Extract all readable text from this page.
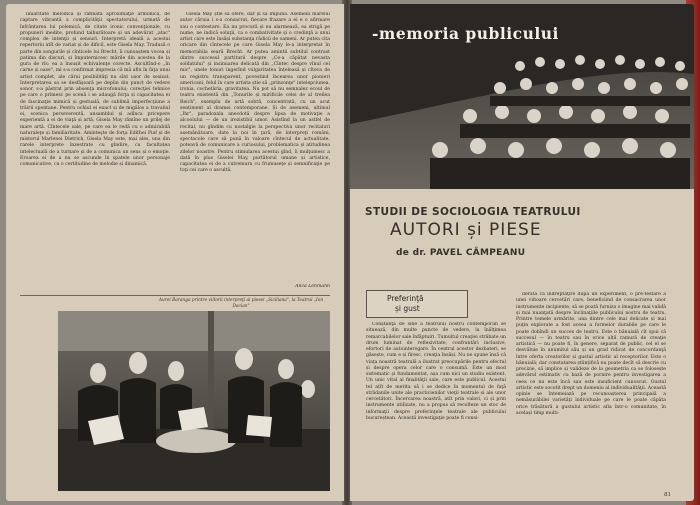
liniaritate melodică și rafinată aproximaţie armonică, de captare vibrantă a complicităţii spectatorului, urmată de înfrântarea lui polemică, de citate ironic convenţionale, cu propuneri inedite, profund taiburătoare și un adevărat „atac" complex de intenţii și sensuri. Interpretă ideală a acestui repertoriu atît de variat și de dificil, este Gisela May. Tradusă o parte din songurile și cînticele lui Brecht, îi cunoaștem vocea și patima din discuri, și împuternicesc mările din acestea de la gura de rîs: ea a însușit echivalenţe corecte. Ascultînd-o „în carne și oase", mi s-a confirmat impresia că mă aflu în faţa unui artist complet, ale cărui posibilităţi nu sînt ușor de sesizat. Interpretarea sa se desfăşoară pe deplin din punct de vedere sonor, s-a păstrat prin absenţa microfonului; corecţiei tehnice pe care o primesc pe scenă i se adaugă forţa și capacitatea ei de fascinaţie mimică și gestuală, de sublimă imperfecţiune a trăirii spontane. Pentru ochiul ei exact și de migălos a travaliul ei, scenica perseverentă, ansamblul și adînca pricepere experientă a ei de viaţă și artă, Gisela May rămîne un prilej de mare artă. Cîntecele sale, pe care ea le redă cu o admirabilă naturaleţe și familiaritate. Aminteşte de forţa Edithei Piaf și de misterul Marlenei Dietrich, Gisela May este, mai ales, una din rarele interprete înzestrate cu gîndire, cu facultatea intelectuală de a turnare și de a comunica un sens și o emoţie. Eroarea ei de a nu se ascunde în spatele unor personaje comunicative, cu o certitudine de melodie și dinamică.

Gisela May știe să ofere, dar și să impună. Asemeni marelui autor căruia i s-a consacrat, fiecare frazare a ei e o afirmare sau o contestare. Ea nu procură și nu alarmează, ea strigă pe nume, ne indică soluţii, ca o combativitate și o credinţă a unui artist care este însăși substanţa rădicii de oameni. Ar putea cita oricare din cîntecele pe care Gisela May le-a interpretat în memorabila seară Brecht. Ar putea amintii subtilul contrast dintre succesul partiturii despre „Ce-a căpătat nevasta soldatului" și insinuarea delicată din „Cîntec despre vînul cel mic", unele tonuri ingerînd vulgaritatea înțeleasă și cîteva de un registru transparent, povestind încearea unor pionieri americani, felul în care artista știe să „prinzonţe" intelepciunea, ironia, cochetăria, gravitatea. Nu pot să nu semnalez ecoul de teatru existentă din „Tonurile și mirificile celei de al treilea Reich", exemplu de artă sobră, concentrată, cu un acut sentiment al dramei contemporane. Și de asemeni, ultimul „Ihr", paradoxala anecdotă despre lipsa de motivaţie a alcoolului — de un irezistibil umor. Asistînd la un astfel de recital, nu gîndim cu nostalgie la perspectiva unor recitaluri asemănătoare, date la noi în ţară, de interpreţi români, spectacole care să pună în valoare cîntecul de actualitate, poteavă de comunicare a curiosului, problematica și atitudinea zilelor noastre. Pentru stimularea acestui gînd, îi mulţumesc a dată în plus Giselei May, purtătorul umane și artistice, capacitatea ei de a cutremura cu frumuseţe și semnificaţie pe toţi cei care o ascultă.

Anca Lehmann
Aurel Baranga printre viitorii interpreţi ai piesei „Siciliana", la Teatrul „Ion Dacian"
-memoria publicului
STUDII DE SOCIOLOGIA TEATRULUI
AUTORI și PIESE
de dr. PAVEL CÂMPEANU
Preferinţă
și gust

Conștiinţa de sine a teatrului nostru contemporan se situează, din multe puncte de vedere, la înălţimea remarcabilelor sale înfăptuiri. Tumultul creaţiei străbate un drum luminat de reflexivitate, confruntări inclusive, efortori de autointerogare. În centrul acestor dezbateri, se găsește, cum e și firesc, creaţia însăși. Nu ne spune însă că viaţa noastră teatrală a ilustrat preocupările pentru efectul și despre opera celor care o consumă. Este un mod sistematic și fundamentat, așa cum nici un studiu existent. Un unic vital al finalităţii sale, care este publicul. Acestui tel atît de merita să i se dedice în momentul de faţă strădanile unite ale practicienilor vieţii teatrale și ale unor cercetători. Încercarea noastră, atît prin valori, ci și prin instrumente utilizate, nu a propus să recolteze un stoc de informaţii despre preferinţele teatrale ale publicului bucureștean. Această investigaţie poate fi consi-

derată ca îndreptăţire după un experiment, o pre-testare a unei viitoare cercetări care, beneficiind de consacrarea unor instrumente incipiente, să se poată furniza o imagine mai validă și mai nuanţată despre înclinaţiile publicului nostru de teatru. Printre temele urmărite, una dintre cele mai delicate și mai puţin explorate a fost aceea a formelor durabile pe care le poate dobîndi un succes de teatru. Este o bănuială cît spui că succesul — în teatru sau în orice altă ramură de creaţie artistică — nu poate fi, în genere, separat de public, cel el se desvăluie în anumitul său și un grad ridicat de concordanţă între oferta creatorilor și gustul artistic al receptorilor. Este o bănuială; dar constatarea științifică nu poate decît să descrie cu precizie, să implice și valideze de la geometria ca se folosește adevărul estimativ cu bază de pornire pentru investigarea a ceea ce nu este încă sau este insuficient cunoscut. Gustul artistic este socotit drept un domeniu al individualităţii. Această opinie se întemeiază pe recunoașterea principală a nemăsurăbilei varietăţi individuale pe care le poate căpăta orice trăsătură a gustului artistic afla într-o comunitate, în același timp multi-

81
